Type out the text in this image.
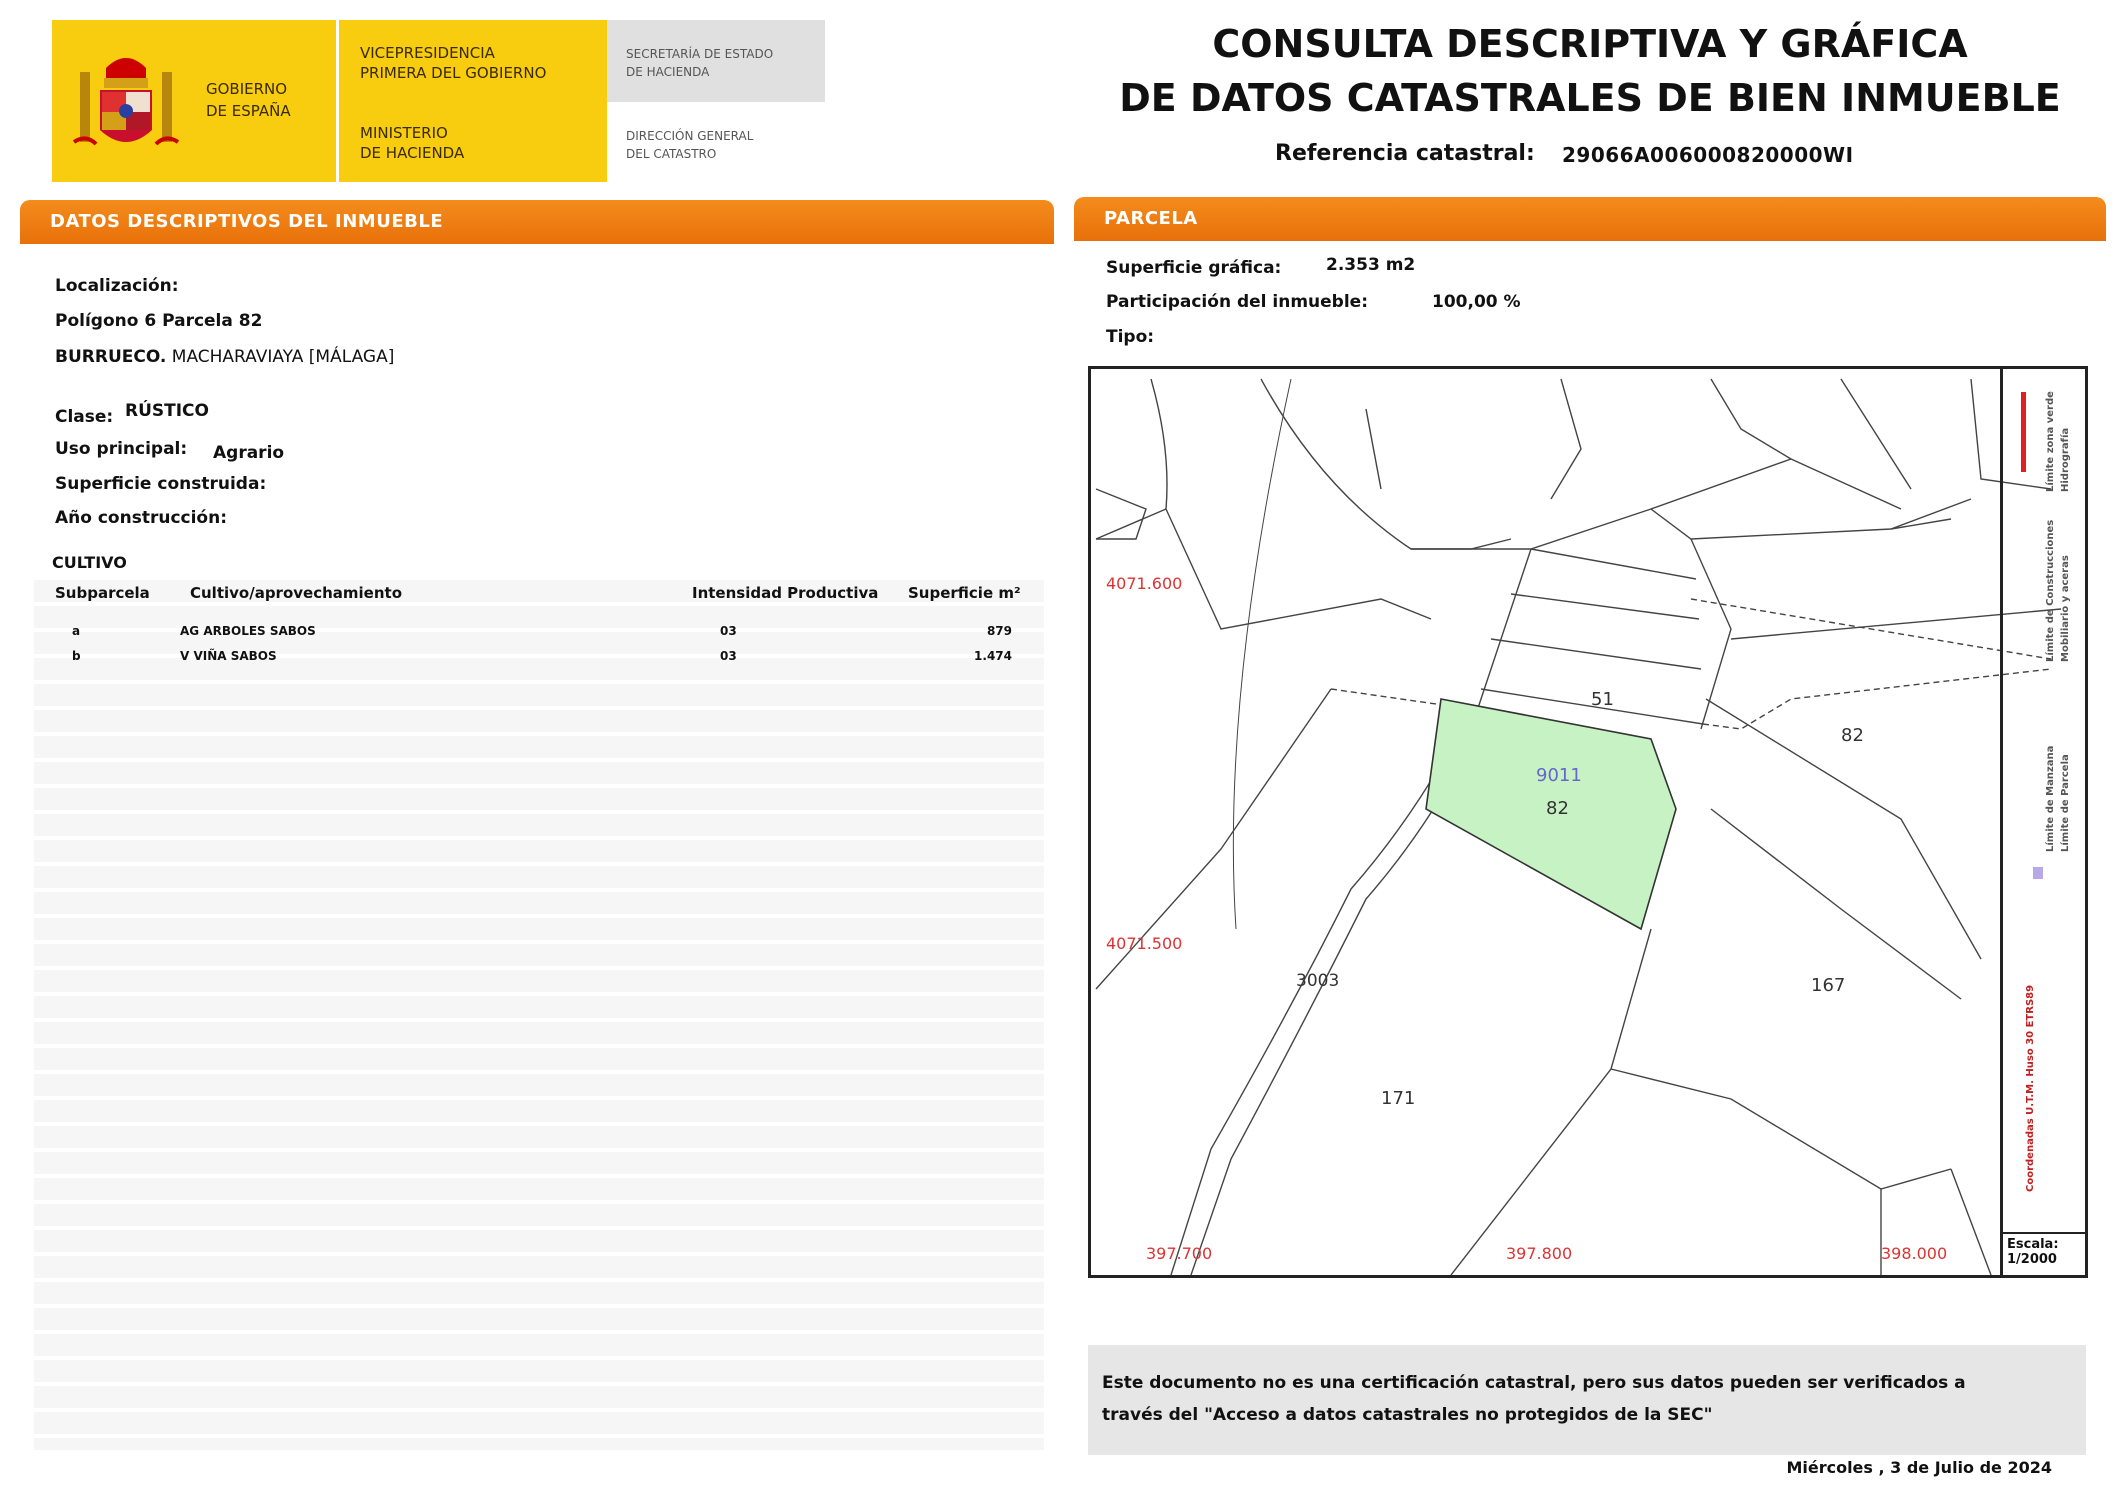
GOBIERNO
DE ESPAÑA
VICEPRESIDENCIA
PRIMERA DEL GOBIERNO
MINISTERIO
DE HACIENDA
SECRETARÍA DE ESTADO
DE HACIENDA
DIRECCIÓN GENERAL
DEL CATASTRO
CONSULTA DESCRIPTIVA Y GRÁFICA
DE DATOS CATASTRALES DE BIEN INMUEBLE
Referencia catastral: 29066A006000820000WI
DATOS DESCRIPTIVOS DEL INMUEBLE
Localización:
Polígono 6 Parcela 82
BURRUECO. MACHARAVIAYA [MÁLAGA]
Clase: RÚSTICO
Uso principal: Agrario
Superficie construida:
Año construcción:
CULTIVO
Subparcela	Cultivo/aprovechamiento	Intensidad Productiva Superficie m²
a	AG ARBOLES SABOS	03	879
b	V VIÑA SABOS	03	1.474
PARCELA
Superficie gráfica:	2.353 m2
Participación del inmueble:	100,00 %
Tipo:
51
82
9011
82
3003	167
171
4071.600
4071.500
397.700	397.800	398.000
Coordenadas U.T.M. Huso 30 ETRS89
Límite de Manzana Límite de Parcela
Límite de Construcciones Mobiliario y aceras
Límite zona verde Hidrografía
Escala:
1/2000
Este documento no es una certificación catastral, pero sus datos pueden ser verificados a
través del "Acceso a datos catastrales no protegidos de la SEC"
Miércoles , 3 de Julio de 2024
